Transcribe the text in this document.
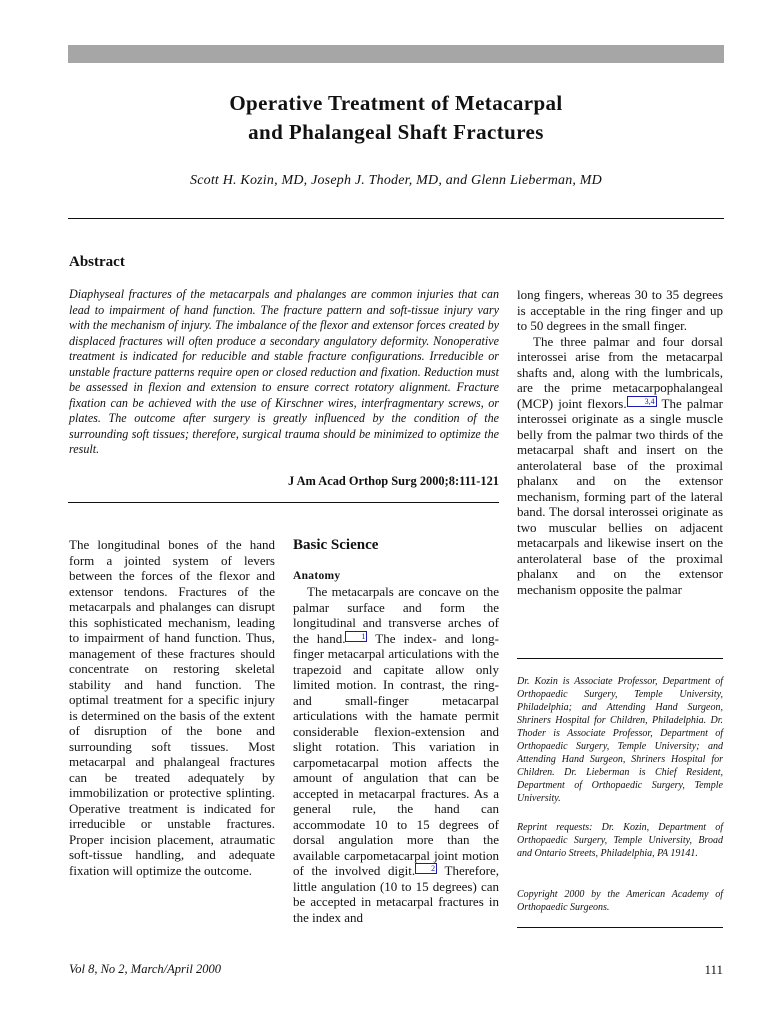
Operative Treatment of Metacarpal
and Phalangeal Shaft Fractures
Scott H. Kozin, MD, Joseph J. Thoder, MD, and Glenn Lieberman, MD
Abstract

Diaphyseal fractures of the metacarpals and phalanges are common injuries that can lead to impairment of hand function. The fracture pattern and soft-tissue injury vary with the mechanism of injury. The imbalance of the flexor and extensor forces created by displaced fractures will often produce a secondary angulatory deformity. Nonoperative treatment is indicated for reducible and stable fracture configurations. Irreducible or unstable fracture patterns require open or closed reduction and fixation. Reduction must be assessed in flexion and extension to ensure correct rotatory alignment. Fracture fixation can be achieved with the use of Kirschner wires, interfragmentary screws, or plates. The outcome after surgery is greatly influenced by the condition of the surrounding soft tissues; therefore, surgical trauma should be minimized to optimize the result.

J Am Acad Orthop Surg 2000;8:111-121

The longitudinal bones of the hand form a jointed system of levers between the forces of the flexor and extensor tendons. Fractures of the metacarpals and phalanges can disrupt this sophisticated mechanism, leading to impairment of hand function. Thus, management of these fractures should concentrate on restoring skeletal stability and hand function. The optimal treatment for a specific injury is determined on the basis of the extent of disruption of the bone and surrounding soft tissues. Most metacarpal and phalangeal fractures can be treated adequately by immobilization or protective splinting. Operative treatment is indicated for irreducible or unstable fractures. Proper incision placement, atraumatic soft-tissue handling, and adequate fixation will optimize the outcome.

Basic Science
Anatomy

The metacarpals are concave on the palmar surface and form the longitudinal and transverse arches of the hand. 1 The index- and long-finger metacarpal articulations with the trapezoid and capitate allow only limited motion. In contrast, the ring- and small-finger metacarpal articulations with the hamate permit considerable flexion-extension and slight rotation. This variation in carpometacarpal motion affects the amount of angulation that can be accepted in metacarpal fractures. As a general rule, the hand can accommodate 10 to 15 degrees of dorsal angulation more than the available carpometacarpal joint motion of the involved digit. 2 Therefore, little angulation (10 to 15 degrees) can be accepted in metacarpal fractures in the index and

long fingers, whereas 30 to 35 degrees is acceptable in the ring finger and up to 50 degrees in the small finger.

The three palmar and four dorsal interossei arise from the metacarpal shafts and, along with the lumbricals, are the prime metacarpophalangeal (MCP) joint flexors. 3,4 The palmar interossei originate as a single muscle belly from the palmar two thirds of the metacarpal shaft and insert on the anterolateral base of the proximal phalanx and on the extensor mechanism, forming part of the lateral band. The dorsal interossei originate as two muscular bellies on adjacent metacarpals and likewise insert on the anterolateral base of the proximal phalanx and on the extensor mechanism opposite the palmar

Dr. Kozin is Associate Professor, Department of Orthopaedic Surgery, Temple University, Philadelphia; and Attending Hand Surgeon, Shriners Hospital for Children, Philadelphia. Dr. Thoder is Associate Professor, Department of Orthopaedic Surgery, Temple University; and Attending Hand Surgeon, Shriners Hospital for Children. Dr. Lieberman is Chief Resident, Department of Orthopaedic Surgery, Temple University.

Reprint requests: Dr. Kozin, Department of Orthopaedic Surgery, Temple University, Broad and Ontario Streets, Philadelphia, PA 19141.

Copyright 2000 by the American Academy of Orthopaedic Surgeons.

Vol 8, No 2, March/April 2000	111
